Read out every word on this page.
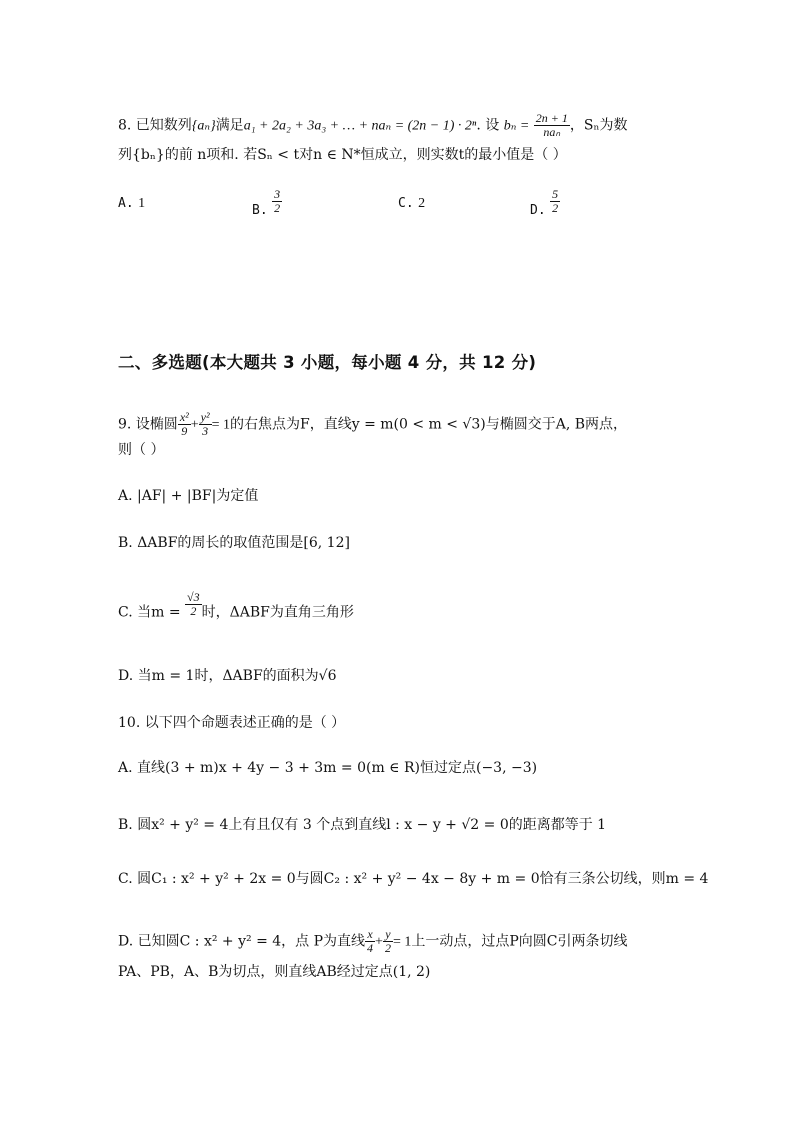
8. 已知数列{aₙ}满足a₁ + 2a₂ + 3a₃ + … + naₙ = (2n − 1) · 2ⁿ. 设 $b_n = \frac{2n + 1}{\text{naₙ}}$ ，Sₙ为数
列{bₙ}的前 n项和. 若Sₙ < t对n ∈ N*恒成立，则实数t的最小值是（ ）
A. 1	B. $\frac{3}{2}$	C. 2	D. $\frac{5}{2}$
二、多选题(本大题共 3 小题，每小题 4 分，共 12 分)
9. 设椭圆 $\frac{\text{x²}}{9} + \frac{\text{y²}}{3} = 1$的右焦点为F，直线y = m(0 < m < √3)与椭圆交于A, B两点，
则（ ）
A. |AF| + |BF|为定值
B. ΔABF的周长的取值范围是[6, 12]
C. 当$m = \frac{√3}{2}$ 时，ΔABF为直角三角形
D. 当m = 1时，ΔABF的面积为√6
10. 以下四个命题表述正确的是（ ）
A. 直线(3 + m)x + 4y − 3 + 3m = 0(m ∈ R)恒过定点(−3, −3)
B. 圆x² + y² = 4上有且仅有 3 个点到直线l : x − y + √2 = 0的距离都等于 1
C. 圆C₁ : x² + y² + 2x = 0与圆C₂ : x² + y² − 4x − 8y + m = 0恰有三条公切线，则m = 4
D. 已知圆C : x² + y² = 4，点 P为直线 $\frac{x}{4} + \frac{y}{2} = 1$上一动点，过点P向圆C引两条切线
PA、PB，A、B为切点，则直线AB经过定点(1, 2)
